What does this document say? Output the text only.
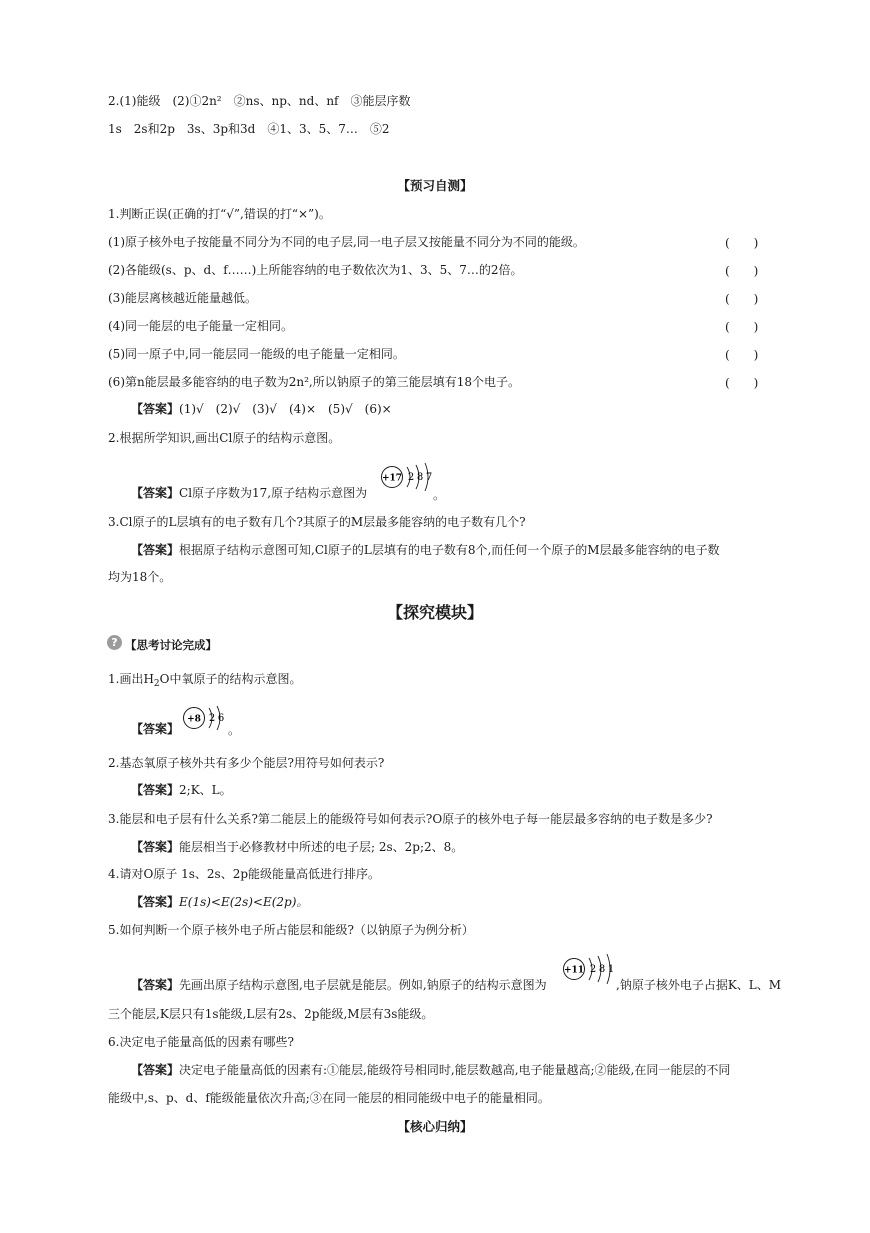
2.(1)能级　(2)①2n²　②ns、np、nd、nf　③能层序数
1s　2s和2p　3s、3p和3d　④1、3、5、7…　⑤2
【预习自测】
1.判断正误(正确的打“√”,错误的打“×”)。
(1)原子核外电子按能量不同分为不同的电子层,同一电子层又按能量不同分为不同的能级。	(　　)
(2)各能级(s、p、d、f……)上所能容纳的电子数依次为1、3、5、7…的2倍。	(　　)
(3)能层离核越近能量越低。	(　　)
(4)同一能层的电子能量一定相同。	(　　)
(5)同一原子中,同一能层同一能级的电子能量一定相同。	(　　)
(6)第n能层最多能容纳的电子数为2n²,所以钠原子的第三能层填有18个电子。	(　　)
【答案】(1)√　(2)√　(3)√　(4)×　(5)√　(6)×
2.根据所学知识,画出Cl原子的结构示意图。
【答案】Cl原子序数为17,原子结构示意图为
+17 2 8 7
。
3.Cl原子的L层填有的电子数有几个?其原子的M层最多能容纳的电子数有几个?
【答案】根据原子结构示意图可知,Cl原子的L层填有的电子数有8个,而任何一个原子的M层最多能容纳的电子数
均为18个。
【探究模块】
? 【思考讨论完成】
1.画出$H_2O$中氧原子的结构示意图。
【答案】
+8 2 6
。
2.基态氧原子核外共有多少个能层?用符号如何表示?
【答案】2;K、L。
3.能层和电子层有什么关系?第二能层上的能级符号如何表示?O原子的核外电子每一能层最多容纳的电子数是多少?
【答案】能层相当于必修教材中所述的电子层; 2s、2p;2、8。
4.请对O原子 1s、2s、2p能级能量高低进行排序。
【答案】E(1s)<E(2s)<E(2p)。
5.如何判断一个原子核外电子所占能层和能级?（以钠原子为例分析）
【答案】先画出原子结构示意图,电子层就是能层。例如,钠原子的结构示意图为
+11 2 8 1
,钠原子核外电子占据K、L、M
三个能层,K层只有1s能级,L层有2s、2p能级,M层有3s能级。
6.决定电子能量高低的因素有哪些?
【答案】决定电子能量高低的因素有:①能层,能级符号相同时,能层数越高,电子能量越高;②能级,在同一能层的不同
能级中,s、p、d、f能级能量依次升高;③在同一能层的相同能级中电子的能量相同。
【核心归纳】
